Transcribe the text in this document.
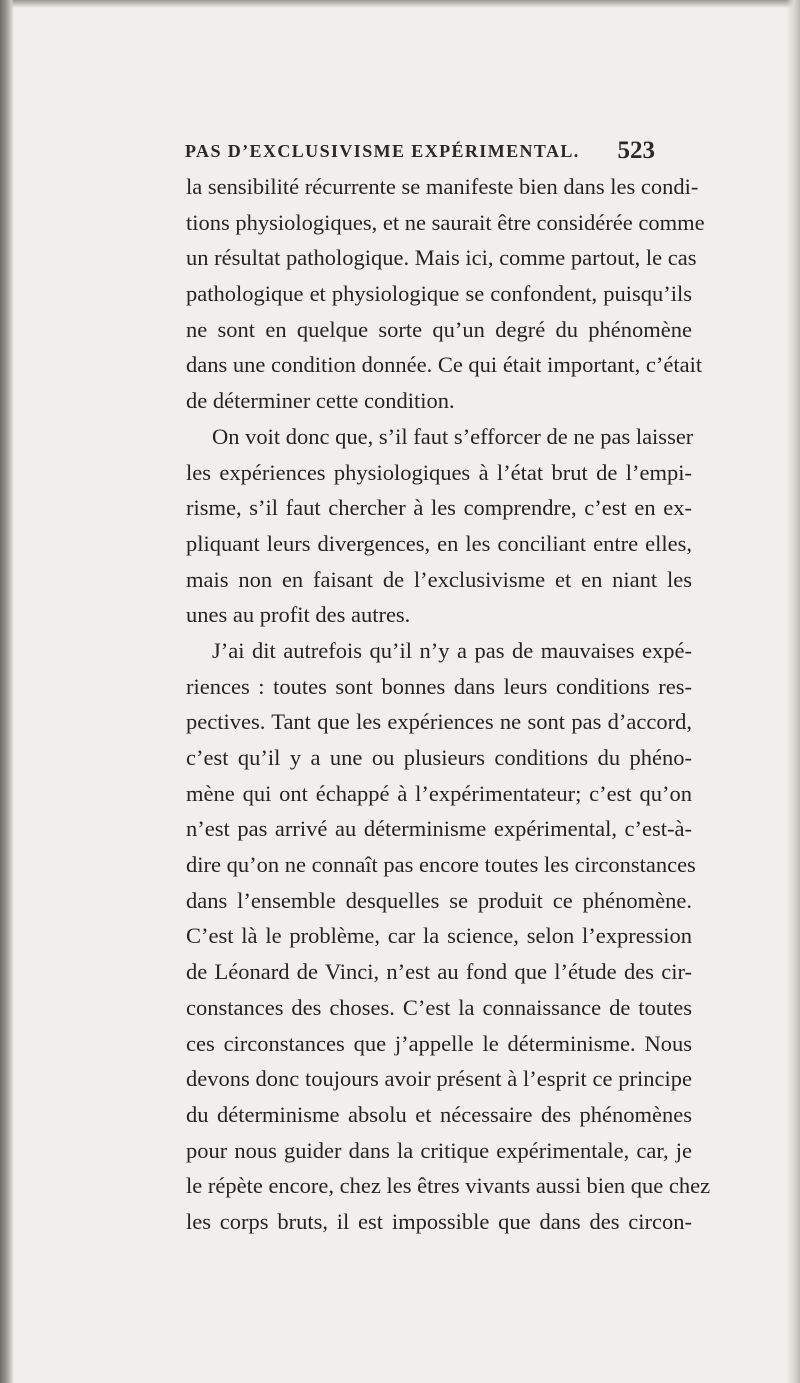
PAS D’EXCLUSIVISME EXPÉRIMENTAL. 523
la sensibilité récurrente se manifeste bien dans les condi-
tions physiologiques, et ne saurait être considérée comme
un résultat pathologique. Mais ici, comme partout, le cas
pathologique et physiologique se confondent, puisqu’ils
ne sont en quelque sorte qu’un degré du phénomène
dans une condition donnée. Ce qui était important, c’était
de déterminer cette condition.
On voit donc que, s’il faut s’efforcer de ne pas laisser
les expériences physiologiques à l’état brut de l’empi-
risme, s’il faut chercher à les comprendre, c’est en ex-
pliquant leurs divergences, en les conciliant entre elles,
mais non en faisant de l’exclusivisme et en niant les
unes au profit des autres.
J’ai dit autrefois qu’il n’y a pas de mauvaises expé-
riences : toutes sont bonnes dans leurs conditions res-
pectives. Tant que les expériences ne sont pas d’accord,
c’est qu’il y a une ou plusieurs conditions du phéno-
mène qui ont échappé à l’expérimentateur; c’est qu’on
n’est pas arrivé au déterminisme expérimental, c’est-à-
dire qu’on ne connaît pas encore toutes les circonstances
dans l’ensemble desquelles se produit ce phénomène.
C’est là le problème, car la science, selon l’expression
de Léonard de Vinci, n’est au fond que l’étude des cir-
constances des choses. C’est la connaissance de toutes
ces circonstances que j’appelle le déterminisme. Nous
devons donc toujours avoir présent à l’esprit ce principe
du déterminisme absolu et nécessaire des phénomènes
pour nous guider dans la critique expérimentale, car, je
le répète encore, chez les êtres vivants aussi bien que chez
les corps bruts, il est impossible que dans des circon-
